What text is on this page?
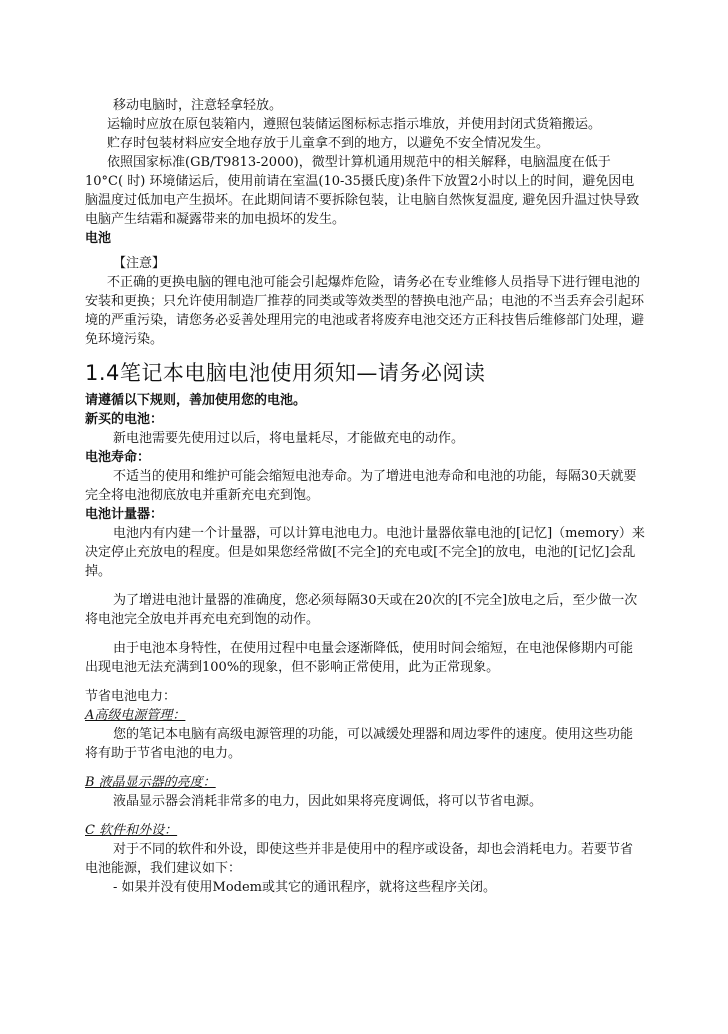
移动电脑时，注意轻拿轻放。

运输时应放在原包装箱内，遵照包装储运图标标志指示堆放，并使用封闭式货箱搬运。

贮存时包装材料应安全地存放于儿童拿不到的地方，以避免不安全情况发生。

依照国家标准(GB/T9813-2000)，微型计算机通用规范中的相关解释，电脑温度在低于10°C( 时) 环境储运后，使用前请在室温(10-35摄氏度)条件下放置2小时以上的时间，避免因电脑温度过低加电产生损坏。在此期间请不要拆除包装，让电脑自然恢复温度, 避免因升温过快导致电脑产生结霜和凝露带来的加电损坏的发生。

电池

【注意】

不正确的更换电脑的锂电池可能会引起爆炸危险，请务必在专业维修人员指导下进行锂电池的安装和更换；只允许使用制造厂推荐的同类或等效类型的替换电池产品；电池的不当丢弃会引起环境的严重污染，请您务必妥善处理用完的电池或者将废弃电池交还方正科技售后维修部门处理，避免环境污染。

1.4笔记本电脑电池使用须知—请务必阅读

请遵循以下规则，善加使用您的电池。

新买的电池：

新电池需要先使用过以后，将电量耗尽，才能做充电的动作。

电池寿命：

不适当的使用和维护可能会缩短电池寿命。为了增进电池寿命和电池的功能，每隔30天就要完全将电池彻底放电并重新充电充到饱。

电池计量器：

电池内有内建一个计量器，可以计算电池电力。电池计量器依靠电池的[记忆]（memory）来决定停止充放电的程度。但是如果您经常做[不完全]的充电或[不完全]的放电，电池的[记忆]会乱掉。

为了增进电池计量器的准确度，您必须每隔30天或在20次的[不完全]放电之后，至少做一次将电池完全放电并再充电充到饱的动作。

由于电池本身特性，在使用过程中电量会逐渐降低，使用时间会缩短，在电池保修期内可能出现电池无法充满到100%的现象，但不影响正常使用，此为正常现象。

节省电池电力：

A高级电源管理：

您的笔记本电脑有高级电源管理的功能，可以减缓处理器和周边零件的速度。使用这些功能将有助于节省电池的电力。

B 液晶显示器的亮度：

液晶显示器会消耗非常多的电力，因此如果将亮度调低，将可以节省电源。

C 软件和外设：

对于不同的软件和外设，即使这些并非是使用中的程序或设备，却也会消耗电力。若要节省电池能源，我们建议如下：

- 如果并没有使用Modem或其它的通讯程序，就将这些程序关闭。
